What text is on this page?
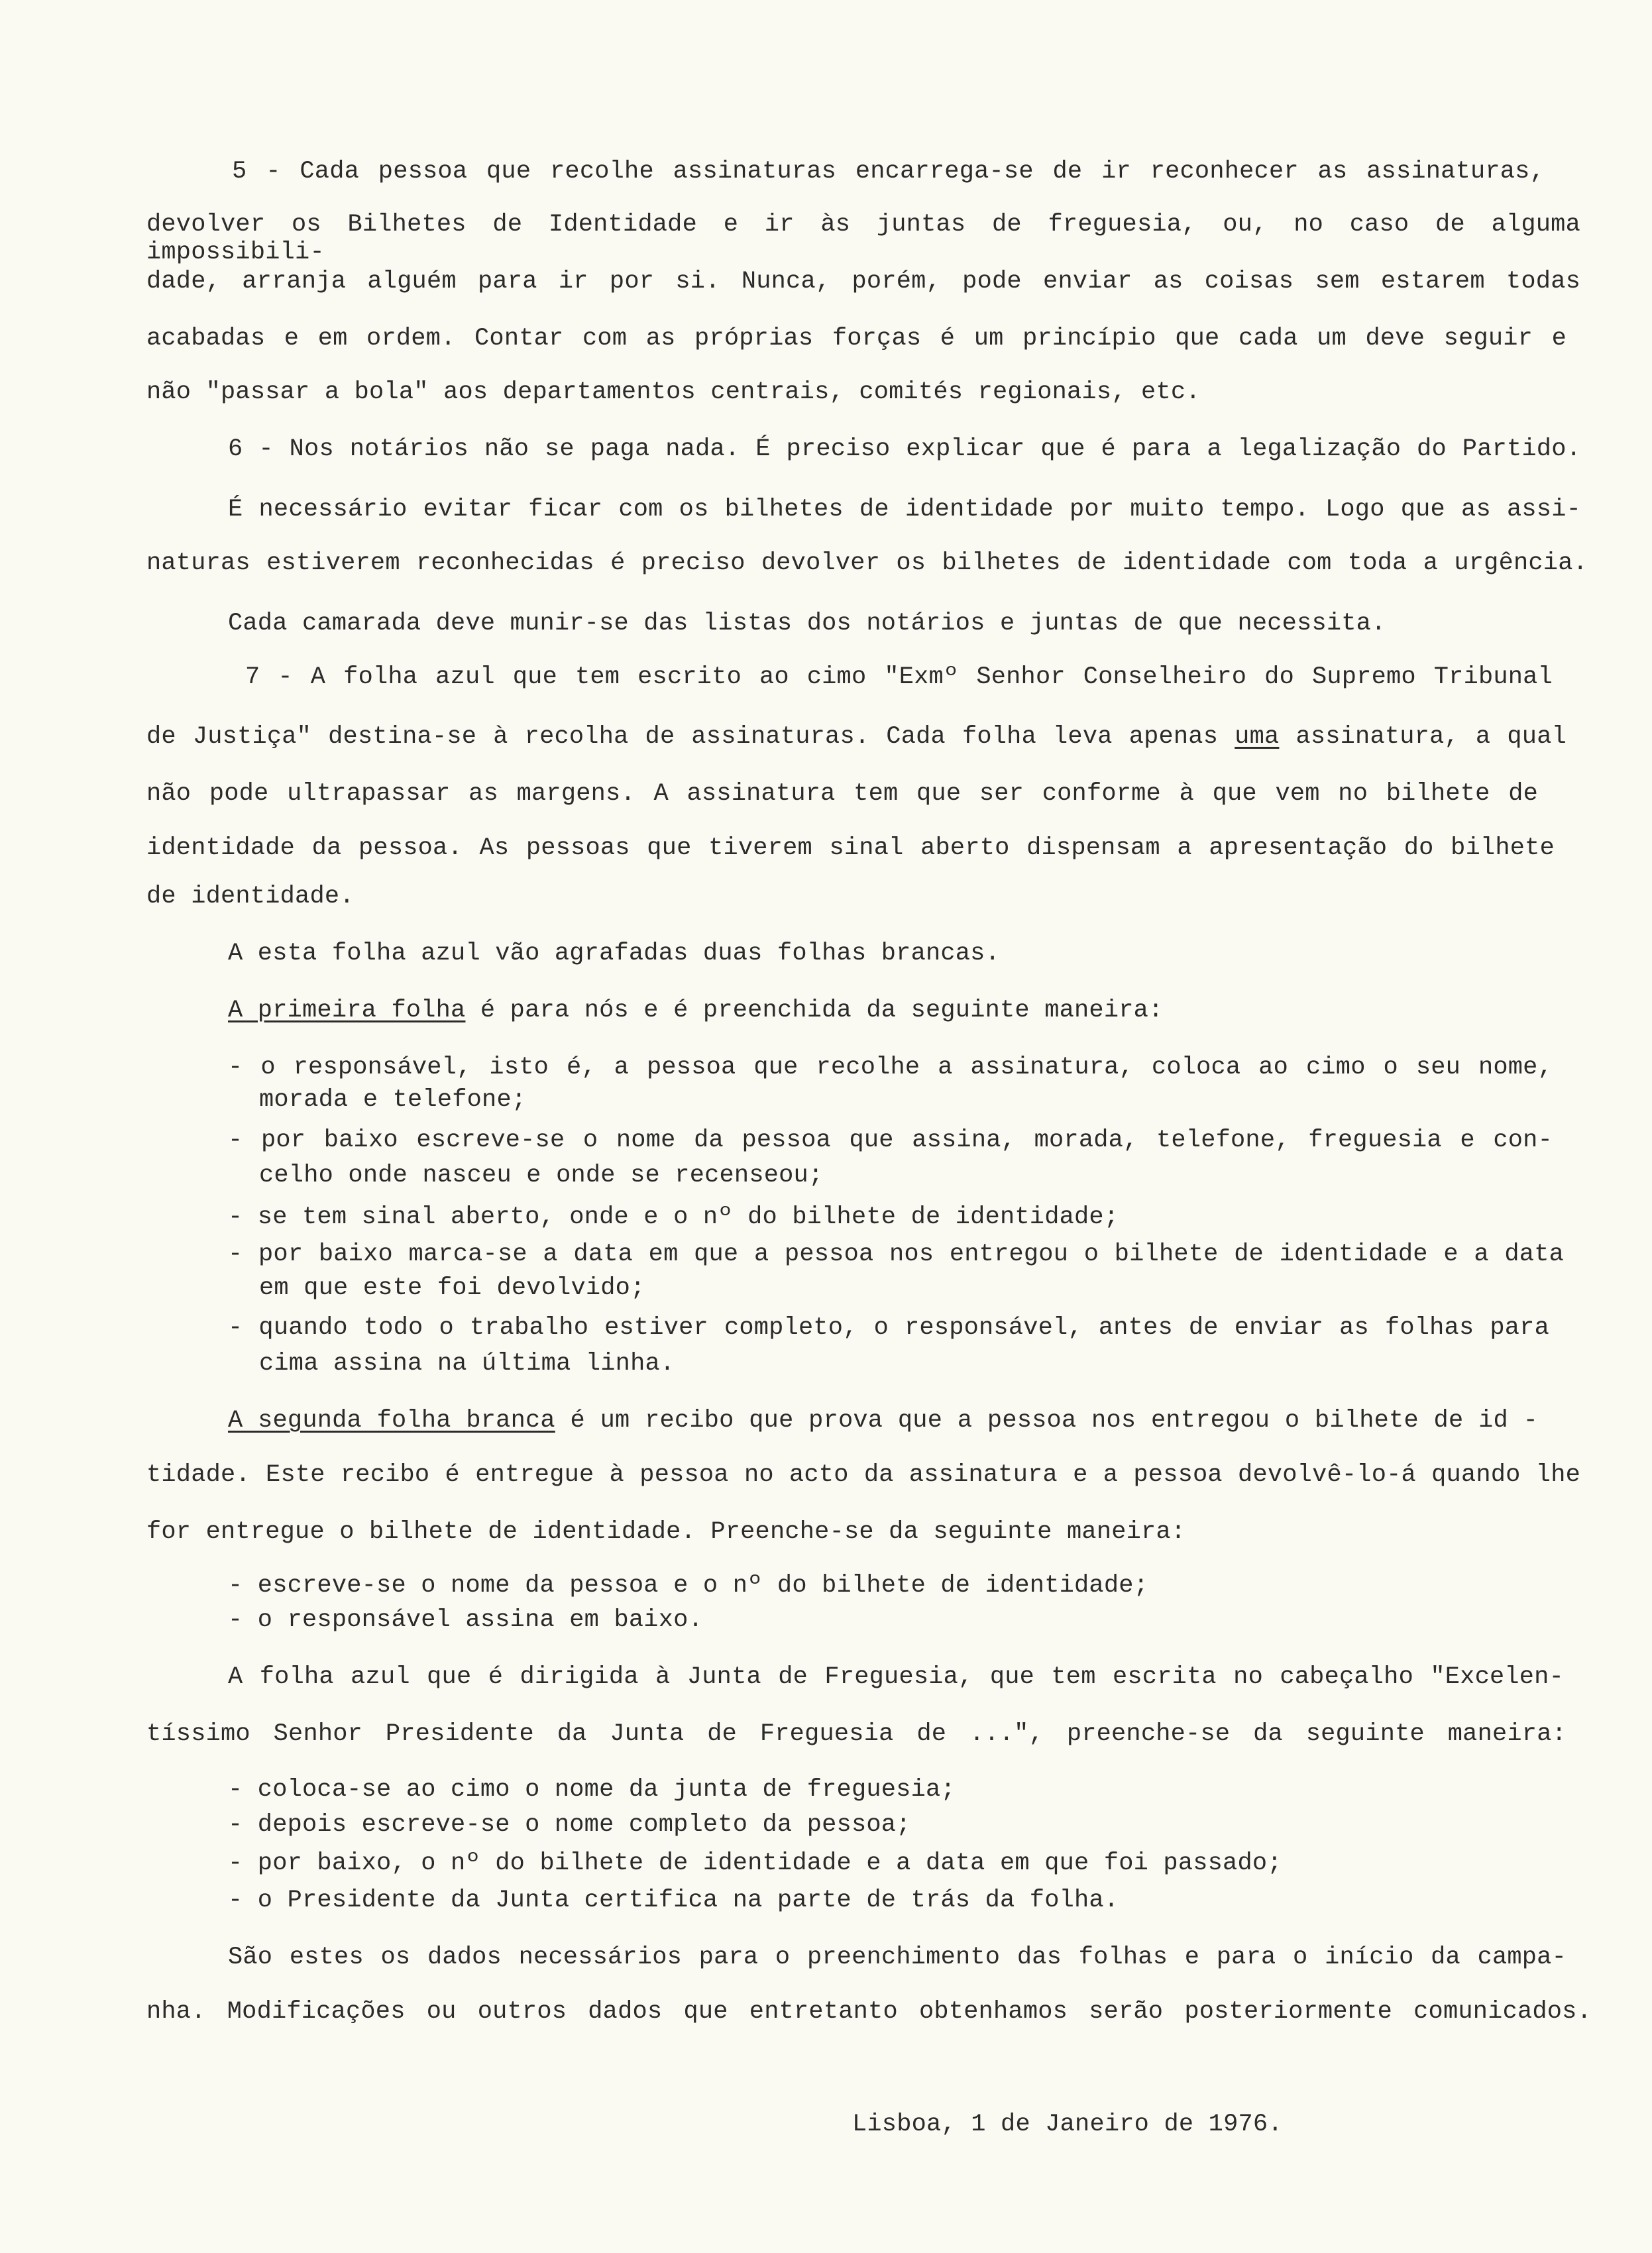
Lisboa, 1 de Janeiro de 1976.
5 - Cada pessoa que recolhe assinaturas encarrega-se de ir reconhecer as assinaturas,
devolver os Bilhetes de Identidade e ir às juntas de freguesia, ou, no caso de alguma impossibili-
dade, arranja alguém para ir por si. Nunca, porém, pode enviar as coisas sem estarem todas
acabadas e em ordem. Contar com as próprias forças é um princípio que cada um deve seguir e
não "passar a bola" aos departamentos centrais, comités regionais, etc.
6 - Nos notários não se paga nada. É preciso explicar que é para a legalização do Partido.
É necessário evitar ficar com os bilhetes de identidade por muito tempo. Logo que as assi-
naturas estiverem reconhecidas é preciso devolver os bilhetes de identidade com toda a urgência.
Cada camarada deve munir-se das listas dos notários e juntas de que necessita.
7 - A folha azul que tem escrito ao cimo "Exmº Senhor Conselheiro do Supremo Tribunal
de Justiça" destina-se à recolha de assinaturas. Cada folha leva apenas uma assinatura, a qual
não pode ultrapassar as margens. A assinatura tem que ser conforme à que vem no bilhete de
identidade da pessoa. As pessoas que tiverem sinal aberto dispensam a apresentação do bilhete
de identidade.
A esta folha azul vão agrafadas duas folhas brancas.
A primeira folha é para nós e é preenchida da seguinte maneira:
- o responsável, isto é, a pessoa que recolhe a assinatura, coloca ao cimo o seu nome,
morada e telefone;
- por baixo escreve-se o nome da pessoa que assina, morada, telefone, freguesia e con-
celho onde nasceu e onde se recenseou;
- se tem sinal aberto, onde e o nº do bilhete de identidade;
- por baixo marca-se a data em que a pessoa nos entregou o bilhete de identidade e a data
em que este foi devolvido;
- quando todo o trabalho estiver completo, o responsável, antes de enviar as folhas para
cima assina na última linha.
A segunda folha branca é um recibo que prova que a pessoa nos entregou o bilhete de id -
tidade. Este recibo é entregue à pessoa no acto da assinatura e a pessoa devolvê-lo-á quando lhe
for entregue o bilhete de identidade. Preenche-se da seguinte maneira:
- escreve-se o nome da pessoa e o nº do bilhete de identidade;
- o responsável assina em baixo.
A folha azul que é dirigida à Junta de Freguesia, que tem escrita no cabeçalho "Excelen-
tíssimo Senhor Presidente da Junta de Freguesia de ...", preenche-se da seguinte maneira:
- coloca-se ao cimo o nome da junta de freguesia;
- depois escreve-se o nome completo da pessoa;
- por baixo, o nº do bilhete de identidade e a data em que foi passado;
- o Presidente da Junta certifica na parte de trás da folha.
São estes os dados necessários para o preenchimento das folhas e para o início da campa-
nha. Modificações ou outros dados que entretanto obtenhamos serão posteriormente comunicados.
